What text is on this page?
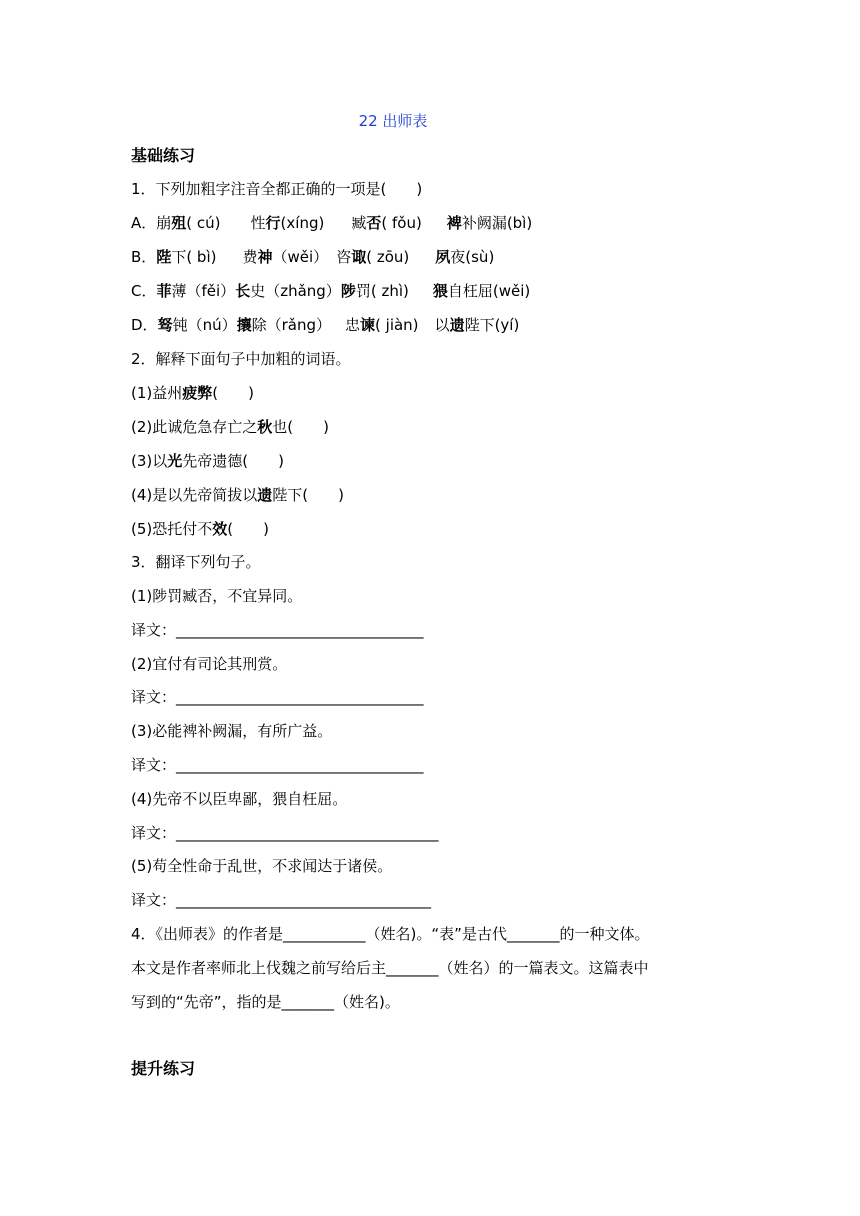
22 出师表
基础练习
1．下列加粗字注音全都正确的一项是(　　)
A．崩殂( cú) 性行(xíng) 臧否( fǒu) 裨补阙漏(bì)
B．陛下( bì) 费神（wěi） 咨诹( zōu) 夙夜(sù)
C．菲薄（fěi）长史（zhǎng）陟罚( zhì) 猥自枉屈(wěi)
D．驽钝（nú）攘除（rǎng） 忠谏( jiàn) 以遗陛下(yí)
2．解释下面句子中加粗的词语。
(1)益州疲弊(　　)
(2)此诚危急存亡之秋也(　　)
(3)以光先帝遗德(　　)
(4)是以先帝简拔以遗陛下(　　)
(5)恐托付不效(　　)
3．翻译下列句子。
(1)陟罚臧否，不宜异同。
译文：_________________________________
(2)宜付有司论其刑赏。
译文：_________________________________
(3)必能裨补阙漏，有所广益。
译文：_________________________________
(4)先帝不以臣卑鄙，猥自枉屈。
译文：___________________________________
(5)苟全性命于乱世，不求闻达于诸侯。
译文：__________________________________
4．《出师表》的作者是___________（姓名)。“表”是古代_______的一种文体。
本文是作者率师北上伐魏之前写给后主_______（姓名）的一篇表文。这篇表中
写到的“先帝”，指的是_______（姓名)。
提升练习
